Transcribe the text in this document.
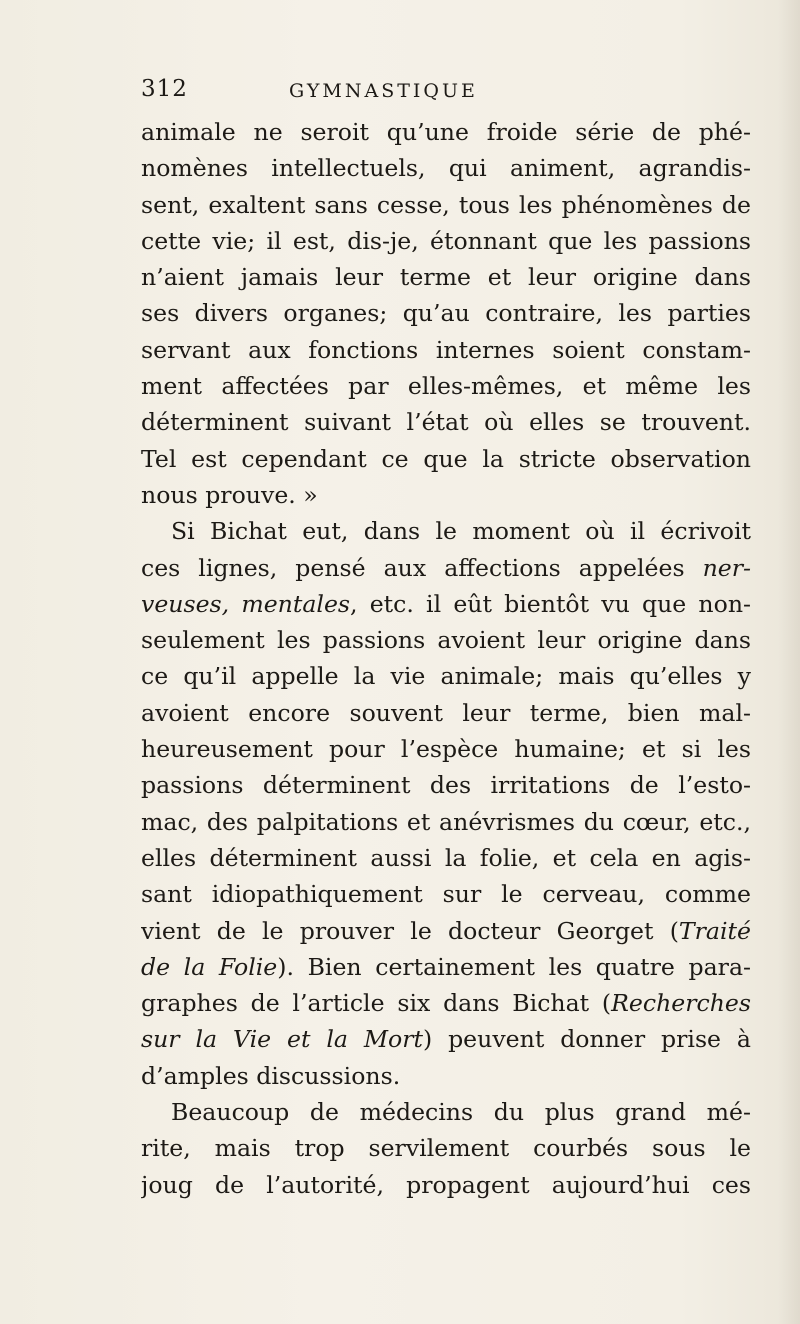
312	GYMNASTIQUE
animale ne seroit qu’une froide série de phé-
nomènes intellectuels, qui animent, agrandis-
sent, exaltent sans cesse, tous les phénomènes de
cette vie; il est, dis-je, étonnant que les passions
n’aient jamais leur terme et leur origine dans
ses divers organes; qu’au contraire, les parties
servant aux fonctions internes soient constam-
ment affectées par elles-mêmes, et même les
déterminent suivant l’état où elles se trouvent.
Tel est cependant ce que la stricte observation
nous prouve. »
Si Bichat eut, dans le moment où il écrivoit
ces lignes, pensé aux affections appelées ner-
veuses, mentales, etc. il eût bientôt vu que non-
seulement les passions avoient leur origine dans
ce qu’il appelle la vie animale; mais qu’elles y
avoient encore souvent leur terme, bien mal-
heureusement pour l’espèce humaine; et si les
passions déterminent des irritations de l’esto-
mac, des palpitations et anévrismes du cœur, etc.,
elles déterminent aussi la folie, et cela en agis-
sant idiopathiquement sur le cerveau, comme
vient de le prouver le docteur Georget (Traité
de la Folie). Bien certainement les quatre para-
graphes de l’article six dans Bichat (Recherches
sur la Vie et la Mort) peuvent donner prise à
d’amples discussions.
Beaucoup de médecins du plus grand mé-
rite, mais trop servilement courbés sous le
joug de l’autorité, propagent aujourd’hui ces
